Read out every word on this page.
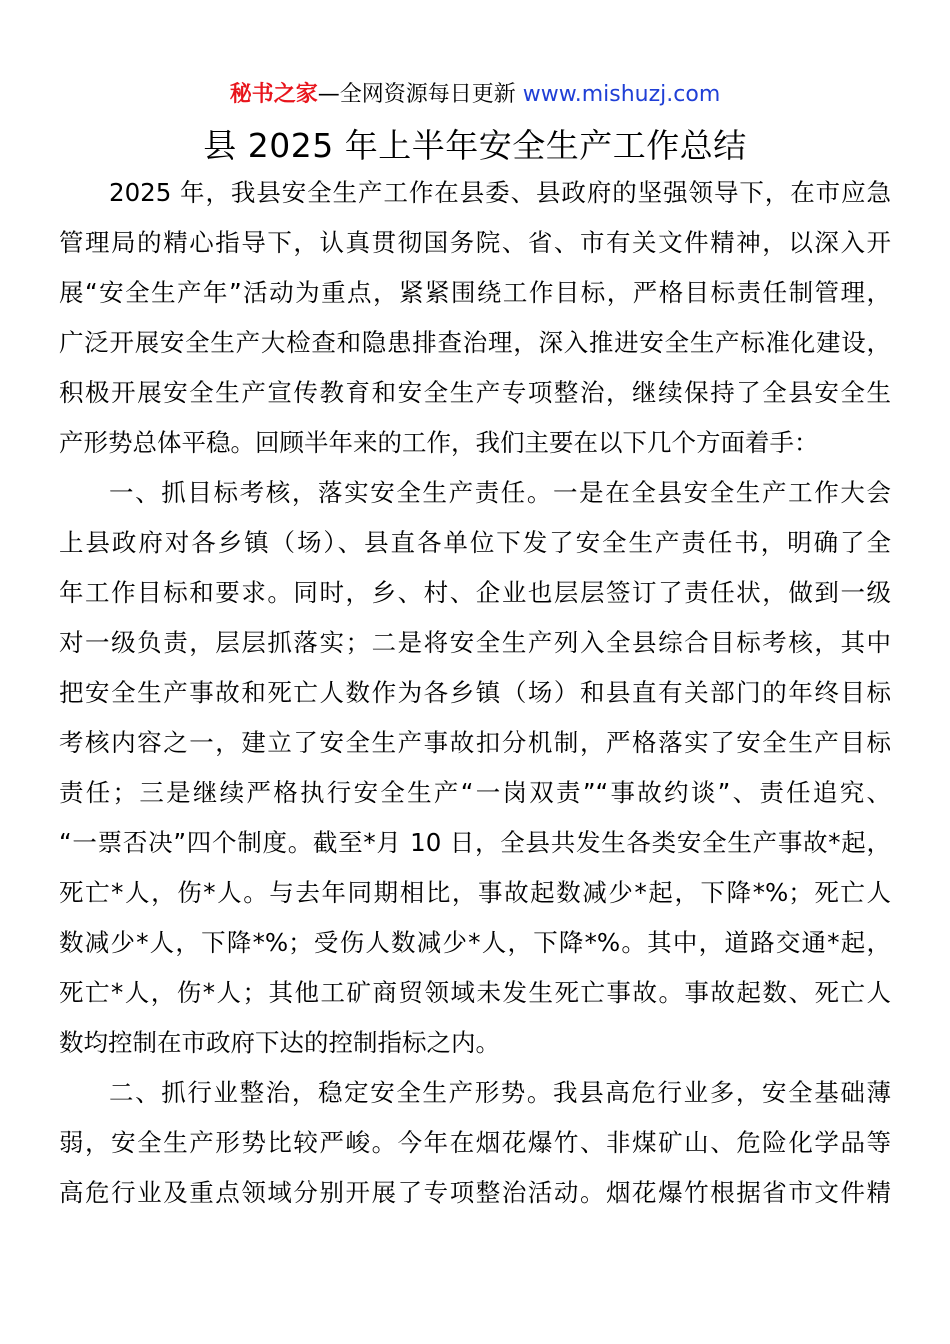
秘书之家—全网资源每日更新 www.mishuzj.com
县 2025 年上半年安全生产工作总结
2025 年，我县安全生产工作在县委、县政府的坚强领导下，在市应急
管理局的精心指导下，认真贯彻国务院、省、市有关文件精神，以深入开
展“安全生产年”活动为重点，紧紧围绕工作目标，严格目标责任制管理，
广泛开展安全生产大检查和隐患排查治理，深入推进安全生产标准化建设，
积极开展安全生产宣传教育和安全生产专项整治，继续保持了全县安全生
产形势总体平稳。回顾半年来的工作，我们主要在以下几个方面着手：
一、抓目标考核，落实安全生产责任。一是在全县安全生产工作大会
上县政府对各乡镇（场）、县直各单位下发了安全生产责任书，明确了全
年工作目标和要求。同时，乡、村、企业也层层签订了责任状，做到一级
对一级负责，层层抓落实；二是将安全生产列入全县综合目标考核，其中
把安全生产事故和死亡人数作为各乡镇（场）和县直有关部门的年终目标
考核内容之一，建立了安全生产事故扣分机制，严格落实了安全生产目标
责任；三是继续严格执行安全生产“一岗双责”“事故约谈”、责任追究、
“一票否决”四个制度。截至*月 10 日，全县共发生各类安全生产事故*起，
死亡*人，伤*人。与去年同期相比，事故起数减少*起，下降*%；死亡人
数减少*人，下降*%；受伤人数减少*人，下降*%。其中，道路交通*起，
死亡*人，伤*人；其他工矿商贸领域未发生死亡事故。事故起数、死亡人
数均控制在市政府下达的控制指标之内。
二、抓行业整治，稳定安全生产形势。我县高危行业多，安全基础薄
弱，安全生产形势比较严峻。今年在烟花爆竹、非煤矿山、危险化学品等
高危行业及重点领域分别开展了专项整治活动。烟花爆竹根据省市文件精
